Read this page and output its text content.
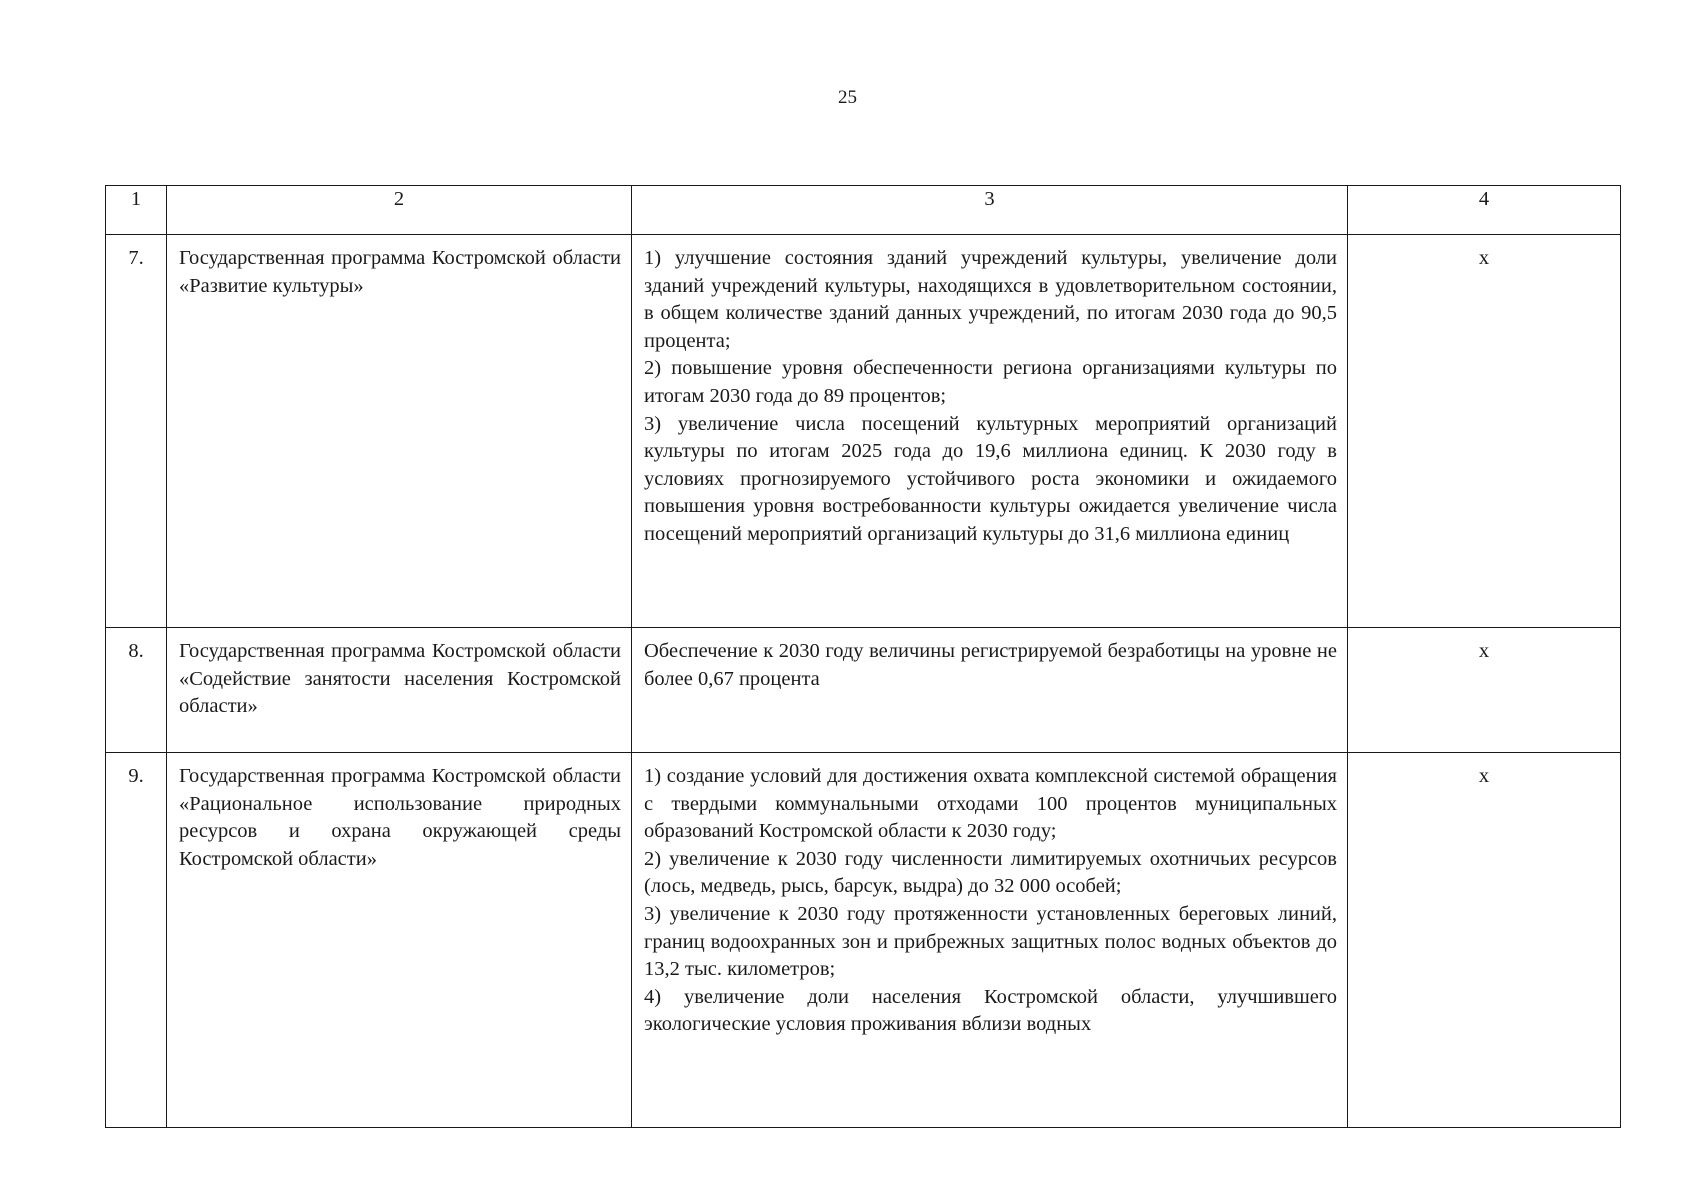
25
1	2	3	4
7.	Государственная программа Костромской области «Развитие культуры»	1) улучшение состояния зданий учреждений культуры, увеличение доли зданий учреждений культуры, находящихся в удовлетворительном состоянии, в общем количестве зданий данных учреждений, по итогам 2030 года до 90,5 процента;

2) повышение уровня обеспеченности региона организациями культуры по итогам 2030 года до 89 процентов;

3) увеличение числа посещений культурных мероприятий организаций культуры по итогам 2025 года до 19,6 миллиона единиц. К 2030 году в условиях прогнозируемого устойчивого роста экономики и ожидаемого повышения уровня востребованности культуры ожидается увеличение числа посещений мероприятий организаций культуры до 31,6 миллиона единиц	х
8.	Государственная программа Костромской области «Содействие занятости населения Костромской области»	Обеспечение к 2030 году величины регистрируемой безработицы на уровне не более 0,67 процента	х
9.	Государственная программа Костромской области «Рациональное использование природных ресурсов и охрана окружающей среды Костромской области»	1) создание условий для достижения охвата комплексной системой обращения с твердыми коммунальными отходами 100 процентов муниципальных образований Костромской области к 2030 году;

2) увеличение к 2030 году численности лимитируемых охотничьих ресурсов (лось, медведь, рысь, барсук, выдра) до 32 000 особей;

3) увеличение к 2030 году протяженности установленных береговых линий, границ водоохранных зон и прибрежных защитных полос водных объектов до 13,2 тыс. километров;

4) увеличение доли населения Костромской области, улучшившего экологические условия проживания вблизи водных	х
